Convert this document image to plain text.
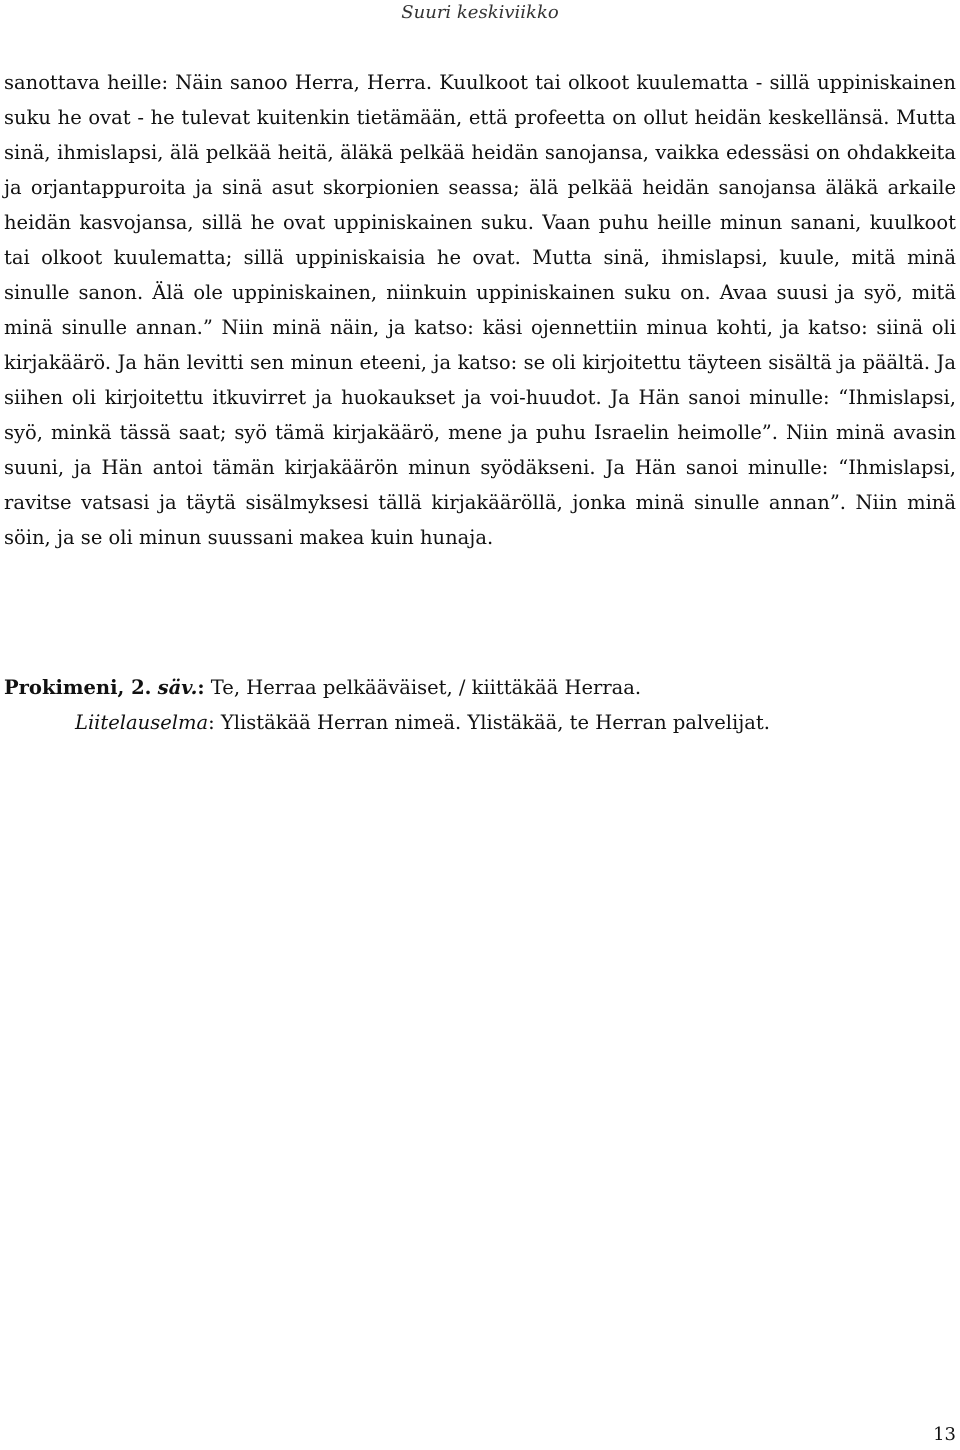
Suuri keskiviikko

sanottava heille: Näin sanoo Herra, Herra. Kuulkoot tai olkoot kuulematta - sillä uppiniskainen suku he ovat - he tulevat kuitenkin tietämään, että profeetta on ollut heidän keskellänsä. Mutta sinä, ihmislapsi, älä pelkää heitä, äläkä pelkää heidän sanojansa, vaikka edessäsi on ohdakkeita ja orjantappuroita ja sinä asut skorpionien seassa; älä pelkää heidän sanojansa äläkä arkaile heidän kasvojansa, sillä he ovat uppiniskainen suku. Vaan puhu heille minun sanani, kuulkoot tai olkoot kuulematta; sillä uppiniskaisia he ovat. Mutta sinä, ihmislapsi, kuule, mitä minä sinulle sanon. Älä ole uppiniskainen, niinkuin uppiniskainen suku on. Avaa suusi ja syö, mitä minä sinulle annan.” Niin minä näin, ja katso: käsi ojennettiin minua kohti, ja katso: siinä oli kirjakäärö. Ja hän levitti sen minun eteeni, ja katso: se oli kirjoitettu täyteen sisältä ja päältä. Ja siihen oli kirjoitettu itkuvirret ja huokaukset ja voi-huudot. Ja Hän sanoi minulle: “Ihmislapsi, syö, minkä tässä saat; syö tämä kirjakäärö, mene ja puhu Israelin heimolle”. Niin minä avasin suuni, ja Hän antoi tämän kirjakäärön minun syödäkseni. Ja Hän sanoi minulle: “Ihmislapsi, ravitse vatsasi ja täytä sisälmyksesi tällä kirjakääröllä, jonka minä sinulle annan”. Niin minä söin, ja se oli minun suussani makea kuin hunaja.

Prokimeni, 2. säv.: Te, Herraa pelkääväiset, / kiittäkää Herraa.

Liitelauselma: Ylistäkää Herran nimeä. Ylistäkää, te Herran palvelijat.

13
